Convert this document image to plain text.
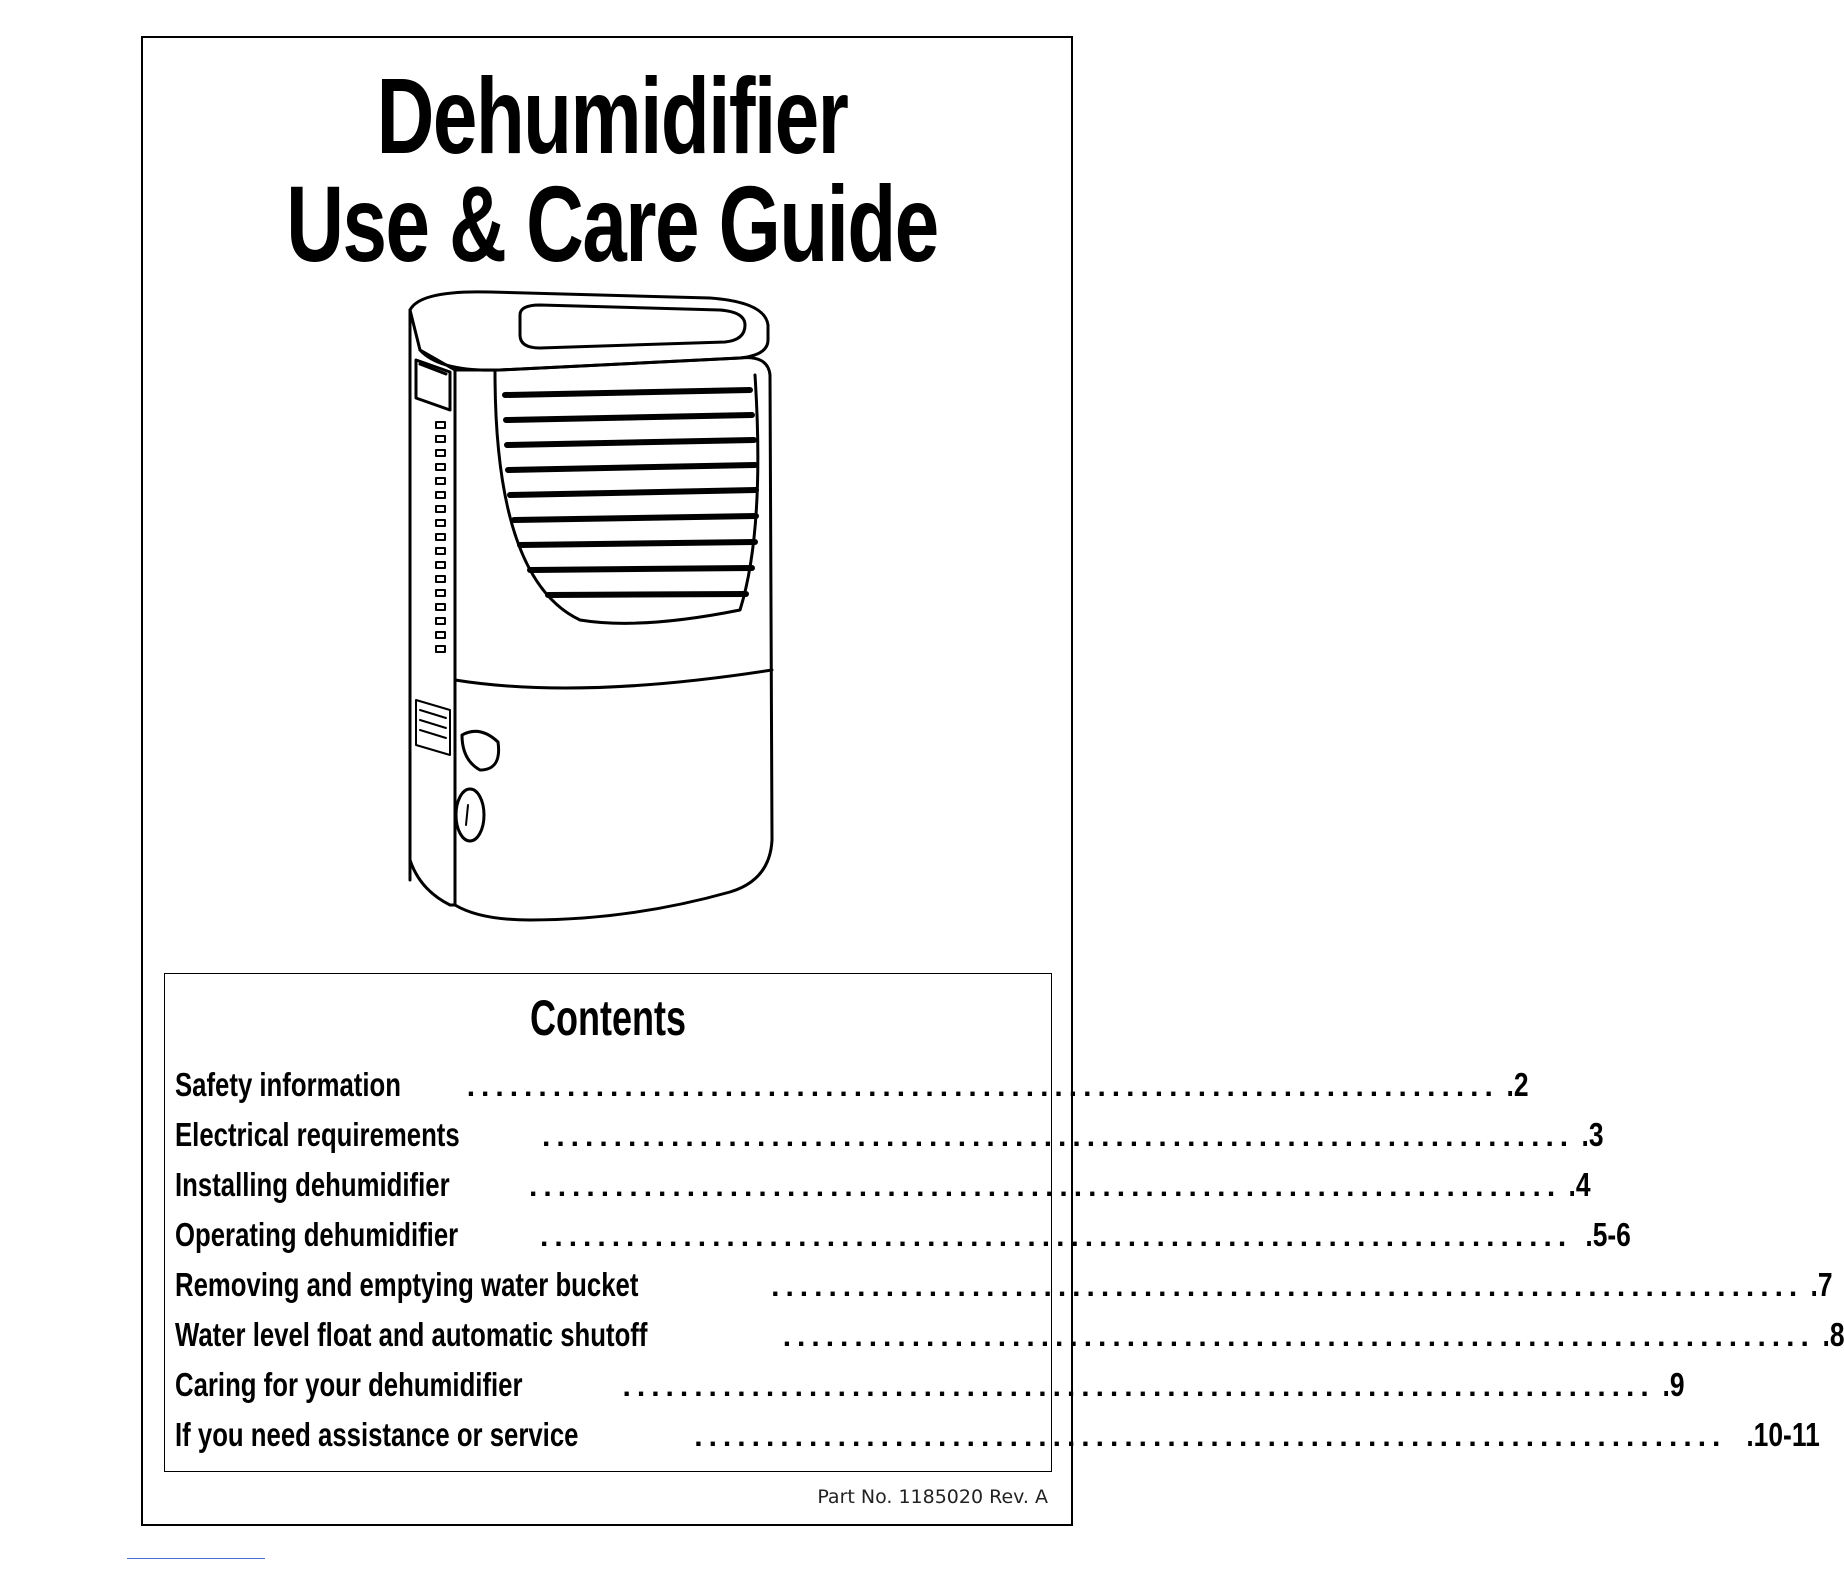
Dehumidifier
Use & Care Guide
Contents
Safety information ........................................................................ .2
Electrical requirements	........................................................................ .3
Installing dehumidifier	........................................................................ .4
Operating dehumidifier	........................................................................ .5-6
Removing and emptying water bucket	........................................................................ .7
Water level float and automatic shutoff	........................................................................ .8
Caring for your dehumidifier	........................................................................ .9
If you need assistance or service	........................................................................ .10-11
Part No. 1185020 Rev. A
